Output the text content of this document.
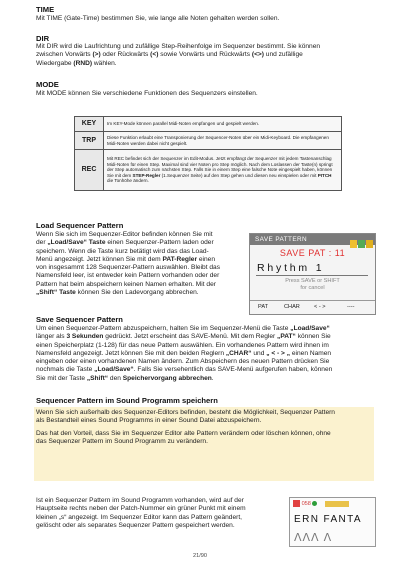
TIME
Mit TIME (Gate-Time) bestimmen Sie, wie lange alle Noten gehalten werden sollen.
DIR
Mit DIR wird die Laufrichtung und zufällige Step-Reihenfolge im Sequenzer bestimmt. Sie können
zwischen Vorwärts (>) oder Rückwärts (<) sowie Vorwärts und Rückwärts (<>) und zufällige
Wiedergabe (RND) wählen.
MODE
Mit MODE können Sie verschiedene Funktionen des Sequenzers einstellen.
KEY	Im KEY-Mode können parallel Midi-Noten empfangen und gespielt werden.
TRP	Diese Funktion erlaubt eine Transponierung der Sequencer-Noten über ein Midi-Keyboard. Die empfangenen Midi-Noten werden dabei nicht gespielt.
REC	Mit REC befindet sich der Sequenzer im Edit-Modus. Jetzt empfängt der Sequenzer mit jedem Tastenanschlag Midi-Noten für einen Step. Maximal sind vier Noten pro Step möglich. Nach dem Loslassen der Taste(n) springt der Step automatisch zum nächsten Step. Falls Sie in einem Step eine falsche Note eingespielt haben, können Sie mit dem STEP-Regler (1.Sequenzer Seite) auf den Step gehen und diesen neu einspielen oder mit PITCH die Tonhöhe ändern.
Load Sequencer Pattern
Wenn Sie sich im Sequenzer-Editor befinden können Sie mit
der „Load/Save“ Taste einen Sequenzer-Pattern laden oder
speichern. Wenn die Taste kurz betätigt wird das das Load-
Menü angezeigt. Jetzt können Sie mit dem PAT-Regler einen
von insgesammt 128 Sequenzer-Pattern auswählen. Bleibt das
Namensfeld leer, ist entweder kein Pattern vorhanden oder der
Pattern hat beim abspeichern keinen Namen erhalten. Mit der
„Shift“ Taste können Sie den Ladevorgang abbrechen.
SAVE PATTERN
SAVE PAT : 11
Rhythm 1
Press SAVE or SHIFT
for cancel
PAT	CHAR	< - >	----
Save Sequencer Pattern
Um einen Sequenzer-Pattern abzuspeichern, halten Sie im Sequenzer-Menü die Taste „Load/Save“
länger als 3 Sekunden gedrückt. Jetzt erscheint das SAVE-Menü. Mit dem Regler „PAT“ können Sie
einen Speicherplatz (1-128) für das neue Pattern auswählen. Ein vorhandenes Pattern wird ihnen im
Namensfeld angezeigt. Jetzt können Sie mit den beiden Reglern „CHAR“ und „ < - > „ einen Namen
eingeben oder einen vorhandenen Namen ändern. Zum Abspeichern des neuen Pattern drücken Sie
nochmals die Taste „Load/Save“. Falls Sie versehentlich das SAVE-Menü aufgerufen haben, können
Sie mit der Taste „Shift“ den Speichervorgang abbrechen.
Sequencer Pattern im Sound Programm speichern
Wenn Sie sich außerhalb des Sequenzer-Editors befinden, besteht die Möglichkeit, Sequenzer Pattern
als Bestandteil eines Sound Programms in einer Sound Datei abzuspeichern.
Das hat den Vorteil, dass Sie im Sequenzer Editor alte Pattern verändern oder löschen können, ohne
das Sequenzer Pattern im Sound Programm zu verändern.
Ist ein Sequenzer Pattern im Sound Programm vorhanden, wird auf der
Hauptseite rechts neben der Patch-Nummer ein grüner Punkt mit einem
kleinen „s“ angezeigt. Im Sequenzer Editor kann das Pattern geändert,
gelöscht oder als separates Sequenzer Pattern gespeichert werden.
058
ERN FANTA
ᐱᐱᐱ ᐱ
21/90
